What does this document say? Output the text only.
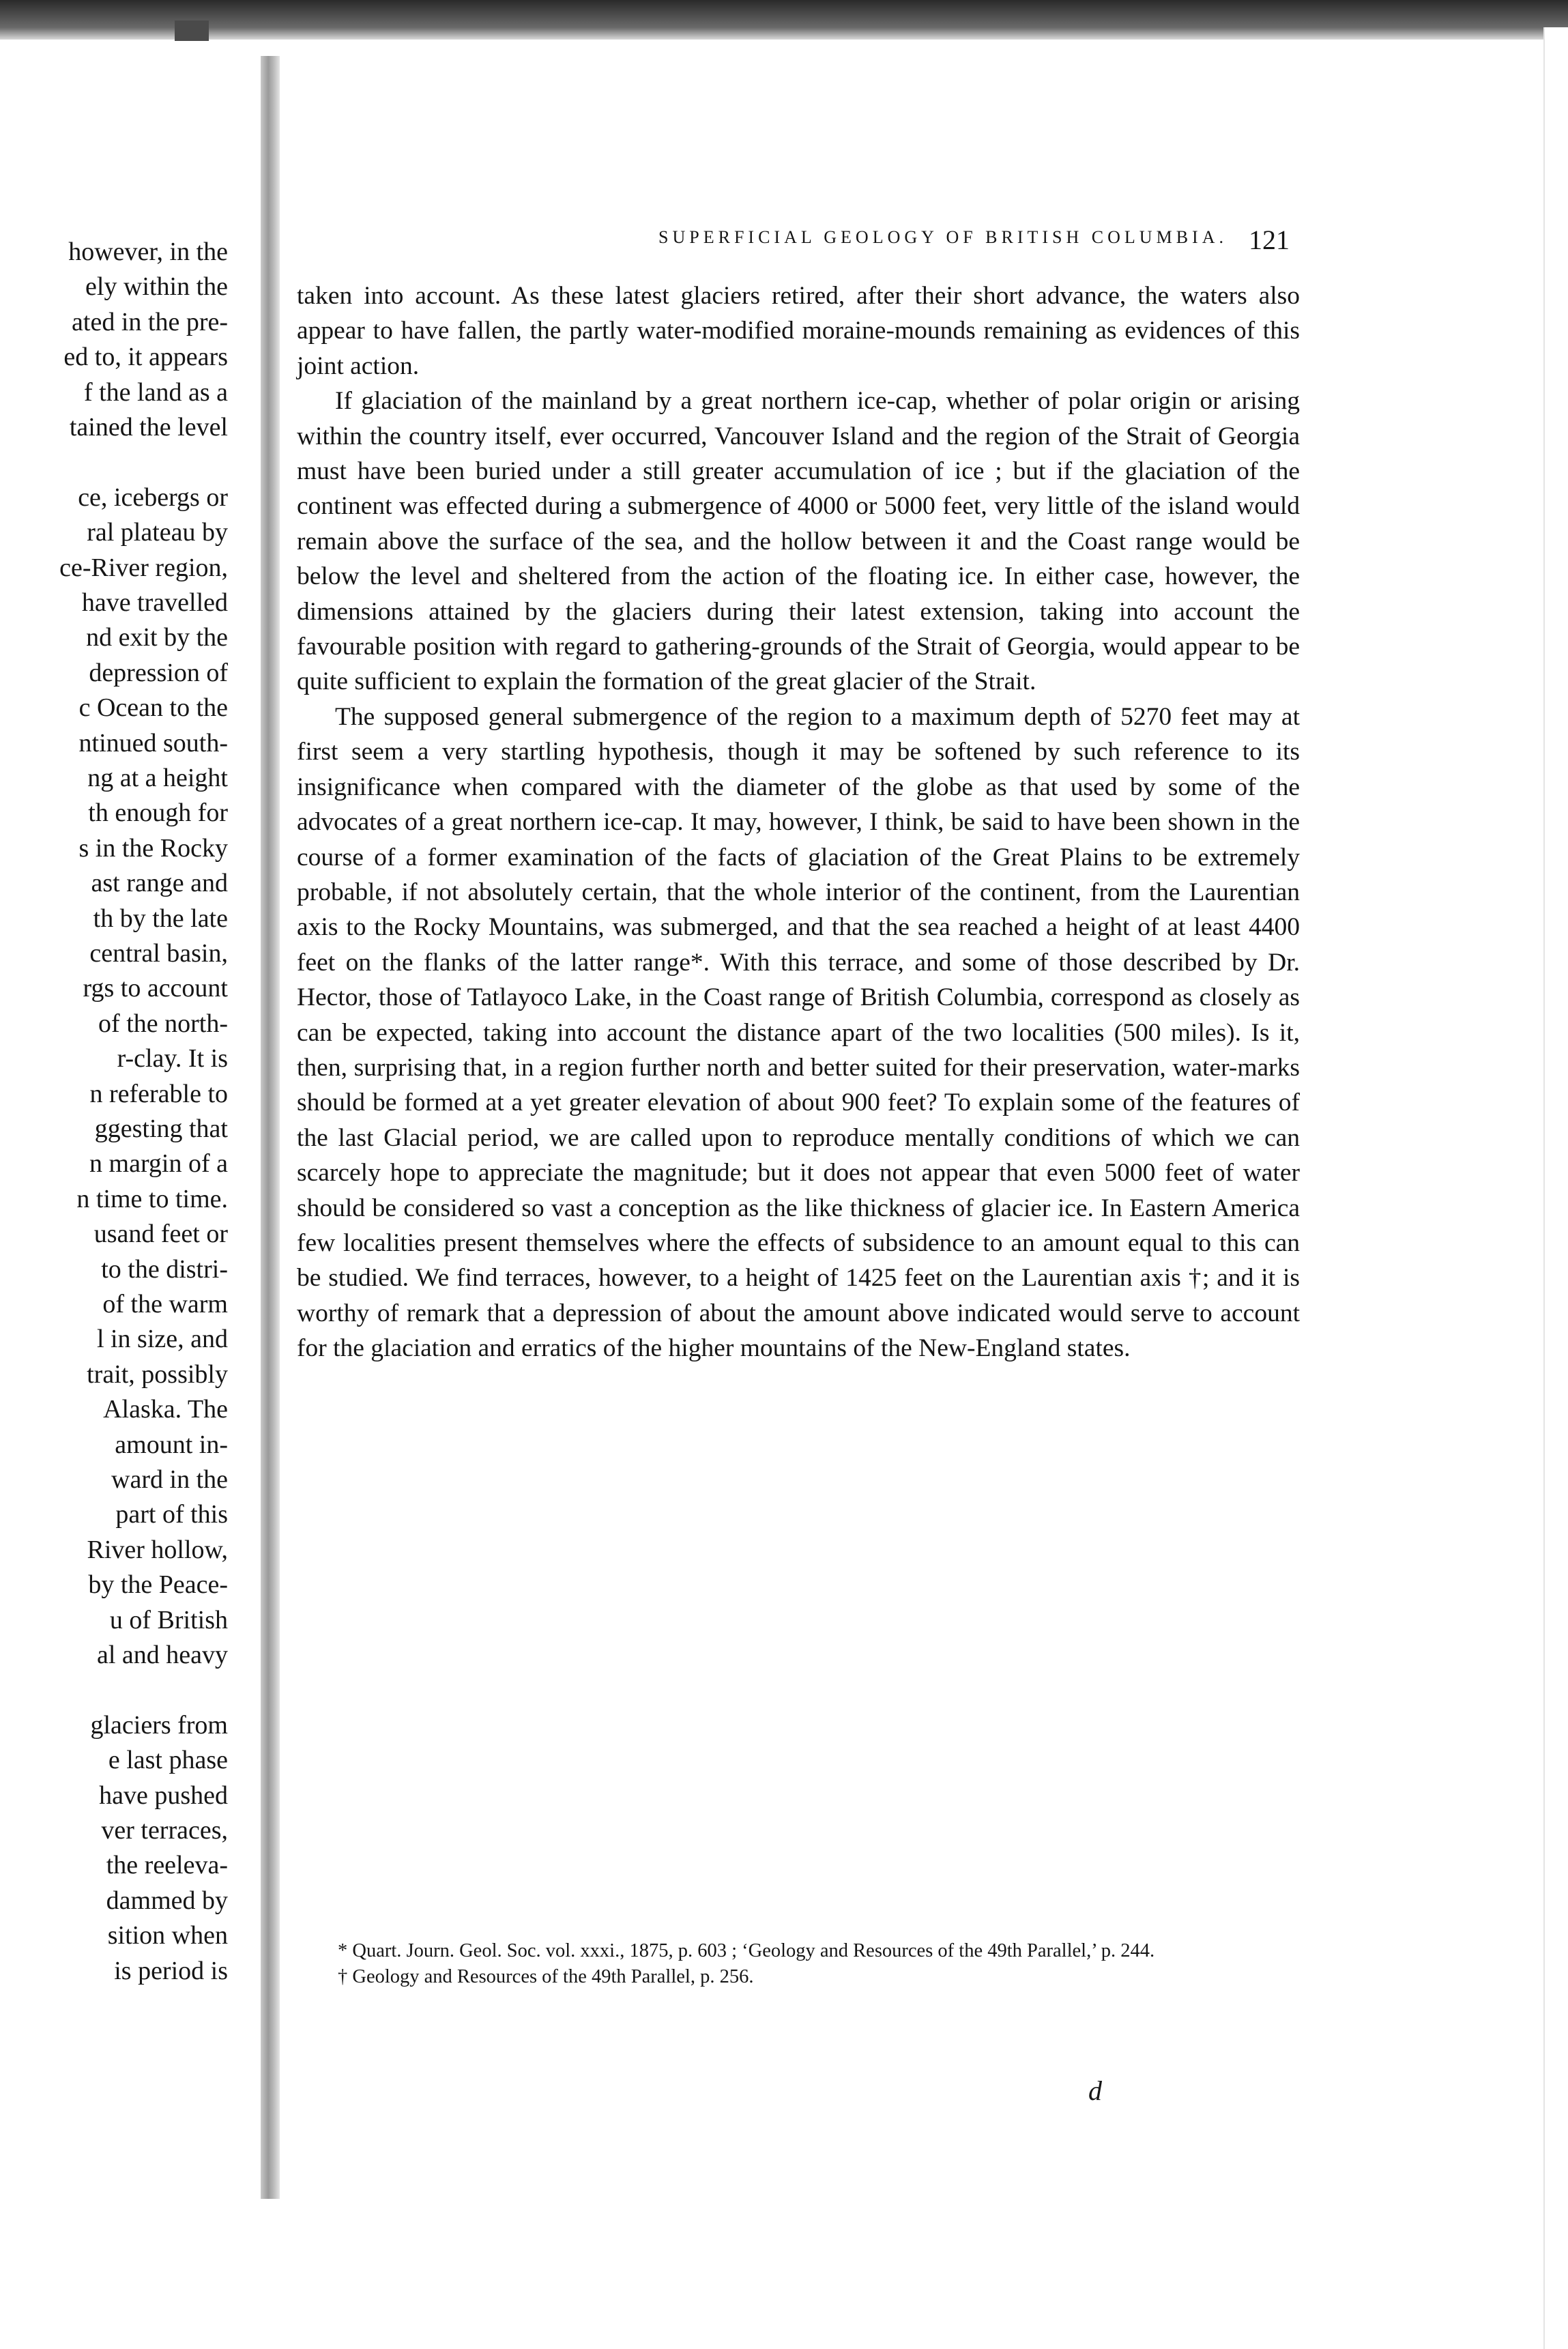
however, in the
ely within the
ated in the pre-
ed to, it appears
f the land as a
tained the level
ce, icebergs or
ral plateau by
ce-River region,
have travelled
nd exit by the
depression of
c Ocean to the
ntinued south-
ng at a height
th enough for
s in the Rocky
ast range and
th by the late
central basin,
rgs to account
of the north-
r-clay. It is
n referable to
ggesting that
n margin of a
n time to time.
usand feet or
to the distri-
of the warm
l in size, and
trait, possibly
Alaska. The
amount in-
ward in the
part of this
River hollow,
by the Peace-
u of British
al and heavy
glaciers from
e last phase
have pushed
ver terraces,
the reeleva-
dammed by
sition when
is period is
SUPERFICIAL GEOLOGY OF BRITISH COLUMBIA. 121

taken into account. As these latest glaciers retired, after their short advance, the waters also appear to have fallen, the partly water-modified moraine-mounds remaining as evidences of this joint action.

If glaciation of the mainland by a great northern ice-cap, whether of polar origin or arising within the country itself, ever occurred, Vancouver Island and the region of the Strait of Georgia must have been buried under a still greater accumulation of ice ; but if the glaciation of the continent was effected during a submergence of 4000 or 5000 feet, very little of the island would remain above the surface of the sea, and the hollow between it and the Coast range would be below the level and sheltered from the action of the floating ice. In either case, however, the dimensions attained by the glaciers during their latest extension, taking into account the favourable position with regard to gathering-grounds of the Strait of Georgia, would appear to be quite sufficient to explain the formation of the great glacier of the Strait.

The supposed general submergence of the region to a maximum depth of 5270 feet may at first seem a very startling hypothesis, though it may be softened by such reference to its insignificance when compared with the diameter of the globe as that used by some of the advocates of a great northern ice-cap. It may, however, I think, be said to have been shown in the course of a former examination of the facts of glaciation of the Great Plains to be extremely probable, if not absolutely certain, that the whole interior of the continent, from the Laurentian axis to the Rocky Mountains, was submerged, and that the sea reached a height of at least 4400 feet on the flanks of the latter range*. With this terrace, and some of those described by Dr. Hector, those of Tatlayoco Lake, in the Coast range of British Columbia, correspond as closely as can be expected, taking into account the distance apart of the two localities (500 miles). Is it, then, surprising that, in a region further north and better suited for their preservation, water-marks should be formed at a yet greater elevation of about 900 feet? To explain some of the features of the last Glacial period, we are called upon to reproduce mentally conditions of which we can scarcely hope to appreciate the magnitude; but it does not appear that even 5000 feet of water should be considered so vast a conception as the like thickness of glacier ice. In Eastern America few localities present themselves where the effects of subsidence to an amount equal to this can be studied. We find terraces, however, to a height of 1425 feet on the Laurentian axis †; and it is worthy of remark that a depression of about the amount above indicated would serve to account for the glaciation and erratics of the higher mountains of the New-England states.

* Quart. Journ. Geol. Soc. vol. xxxi., 1875, p. 603 ; ‘Geology and Resources of the 49th Parallel,’ p. 244.

† Geology and Resources of the 49th Parallel, p. 256.

d
